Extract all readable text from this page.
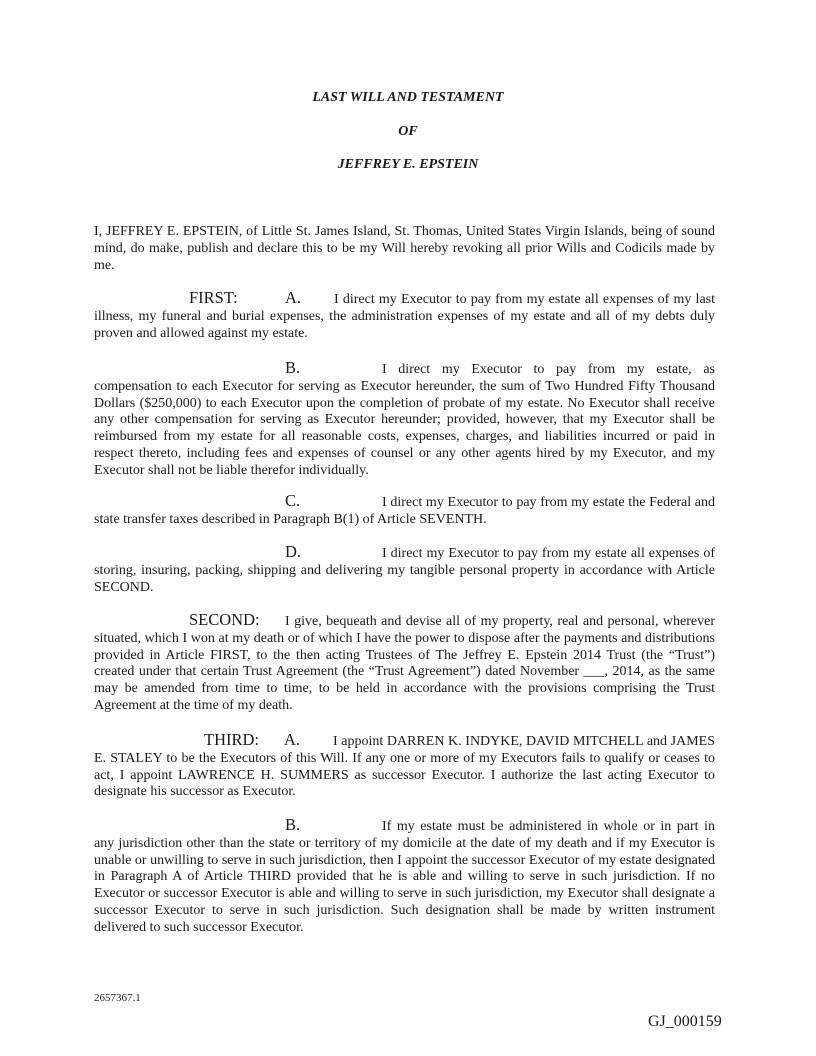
LAST WILL AND TESTAMENT
OF
JEFFREY E. EPSTEIN
I, JEFFREY E. EPSTEIN, of Little St. James Island, St. Thomas, United States Virgin Islands, being of sound mind, do make, publish and declare this to be my Will hereby revoking all prior Wills and Codicils made by me.
FIRST:	A. I direct my Executor to pay from my estate all expenses of my last illness, my funeral and burial expenses, the administration expenses of my estate and all of my debts duly proven and allowed against my estate.
B.	I direct my Executor to pay from my estate, as compensation to each Executor for serving as Executor hereunder, the sum of Two Hundred Fifty Thousand Dollars ($250,000) to each Executor upon the completion of probate of my estate. No Executor shall receive any other compensation for serving as Executor hereunder; provided, however, that my Executor shall be reimbursed from my estate for all reasonable costs, expenses, charges, and liabilities incurred or paid in respect thereto, including fees and expenses of counsel or any other agents hired by my Executor, and my Executor shall not be liable therefor individually.
C.	I direct my Executor to pay from my estate the Federal and state transfer taxes described in Paragraph B(1) of Article SEVENTH.
D.	I direct my Executor to pay from my estate all expenses of storing, insuring, packing, shipping and delivering my tangible personal property in accordance with Article SECOND.
SECOND: I give, bequeath and devise all of my property, real and personal, wherever situated, which I won at my death or of which I have the power to dispose after the payments and distributions provided in Article FIRST, to the then acting Trustees of The Jeffrey E. Epstein 2014 Trust (the “Trust”) created under that certain Trust Agreement (the “Trust Agreement”) dated November ___, 2014, as the same may be amended from time to time, to be held in accordance with the provisions comprising the Trust Agreement at the time of my death.
THIRD: A. I appoint DARREN K. INDYKE, DAVID MITCHELL and JAMES E. STALEY to be the Executors of this Will. If any one or more of my Executors fails to qualify or ceases to act, I appoint LAWRENCE H. SUMMERS as successor Executor. I authorize the last acting Executor to designate his successor as Executor.
B.	If my estate must be administered in whole or in part in any jurisdiction other than the state or territory of my domicile at the date of my death and if my Executor is unable or unwilling to serve in such jurisdiction, then I appoint the successor Executor of my estate designated in Paragraph A of Article THIRD provided that he is able and willing to serve in such jurisdiction. If no Executor or successor Executor is able and willing to serve in such jurisdiction, my Executor shall designate a successor Executor to serve in such jurisdiction. Such designation shall be made by written instrument delivered to such successor Executor.
2657367.1
GJ_000159
